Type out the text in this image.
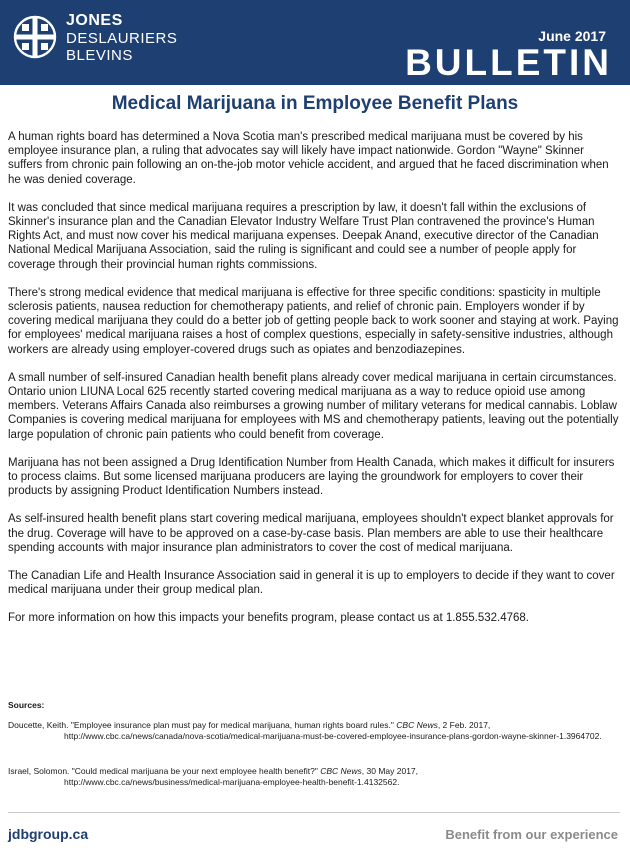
JONES
DESLAURIERS
BLEVINS
June 2017
BULLETIN
Medical Marijuana in Employee Benefit Plans

A human rights board has determined a Nova Scotia man's prescribed medical marijuana must be covered by his employee insurance plan, a ruling that advocates say will likely have impact nationwide. Gordon "Wayne" Skinner suffers from chronic pain following an on-the-job motor vehicle accident, and argued that he faced discrimination when he was denied coverage.

It was concluded that since medical marijuana requires a prescription by law, it doesn't fall within the exclusions of Skinner's insurance plan and the Canadian Elevator Industry Welfare Trust Plan contravened the province's Human Rights Act, and must now cover his medical marijuana expenses. Deepak Anand, executive director of the Canadian National Medical Marijuana Association, said the ruling is significant and could see a number of people apply for coverage through their provincial human rights commissions.

There's strong medical evidence that medical marijuana is effective for three specific conditions: spasticity in multiple sclerosis patients, nausea reduction for chemotherapy patients, and relief of chronic pain. Employers wonder if by covering medical marijuana they could do a better job of getting people back to work sooner and staying at work. Paying for employees' medical marijuana raises a host of complex questions, especially in safety-sensitive industries, although workers are already using employer-covered drugs such as opiates and benzodiazepines.

A small number of self-insured Canadian health benefit plans already cover medical marijuana in certain circumstances. Ontario union LIUNA Local 625 recently started covering medical marijuana as a way to reduce opioid use among members. Veterans Affairs Canada also reimburses a growing number of military veterans for medical cannabis. Loblaw Companies is covering medical marijuana for employees with MS and chemotherapy patients, leaving out the potentially large population of chronic pain patients who could benefit from coverage.

Marijuana has not been assigned a Drug Identification Number from Health Canada, which makes it difficult for insurers to process claims. But some licensed marijuana producers are laying the groundwork for employers to cover their products by assigning Product Identification Numbers instead.

As self-insured health benefit plans start covering medical marijuana, employees shouldn't expect blanket approvals for the drug. Coverage will have to be approved on a case-by-case basis. Plan members are able to use their healthcare spending accounts with major insurance plan administrators to cover the cost of medical marijuana.

The Canadian Life and Health Insurance Association said in general it is up to employers to decide if they want to cover medical marijuana under their group medical plan.

For more information on how this impacts your benefits program, please contact us at 1.855.532.4768.

Sources:
Doucette, Keith. "Employee insurance plan must pay for medical marijuana, human rights board rules." CBC News, 2 Feb. 2017,
http://www.cbc.ca/news/canada/nova-scotia/medical-marijuana-must-be-covered-employee-insurance-plans-gordon-wayne-skinner-1.3964702.
Israel, Solomon. "Could medical marijuana be your next employee health benefit?" CBC News, 30 May 2017,
http://www.cbc.ca/news/business/medical-marijuana-employee-health-benefit-1.4132562.
jdbgroup.ca	Benefit from our experience
